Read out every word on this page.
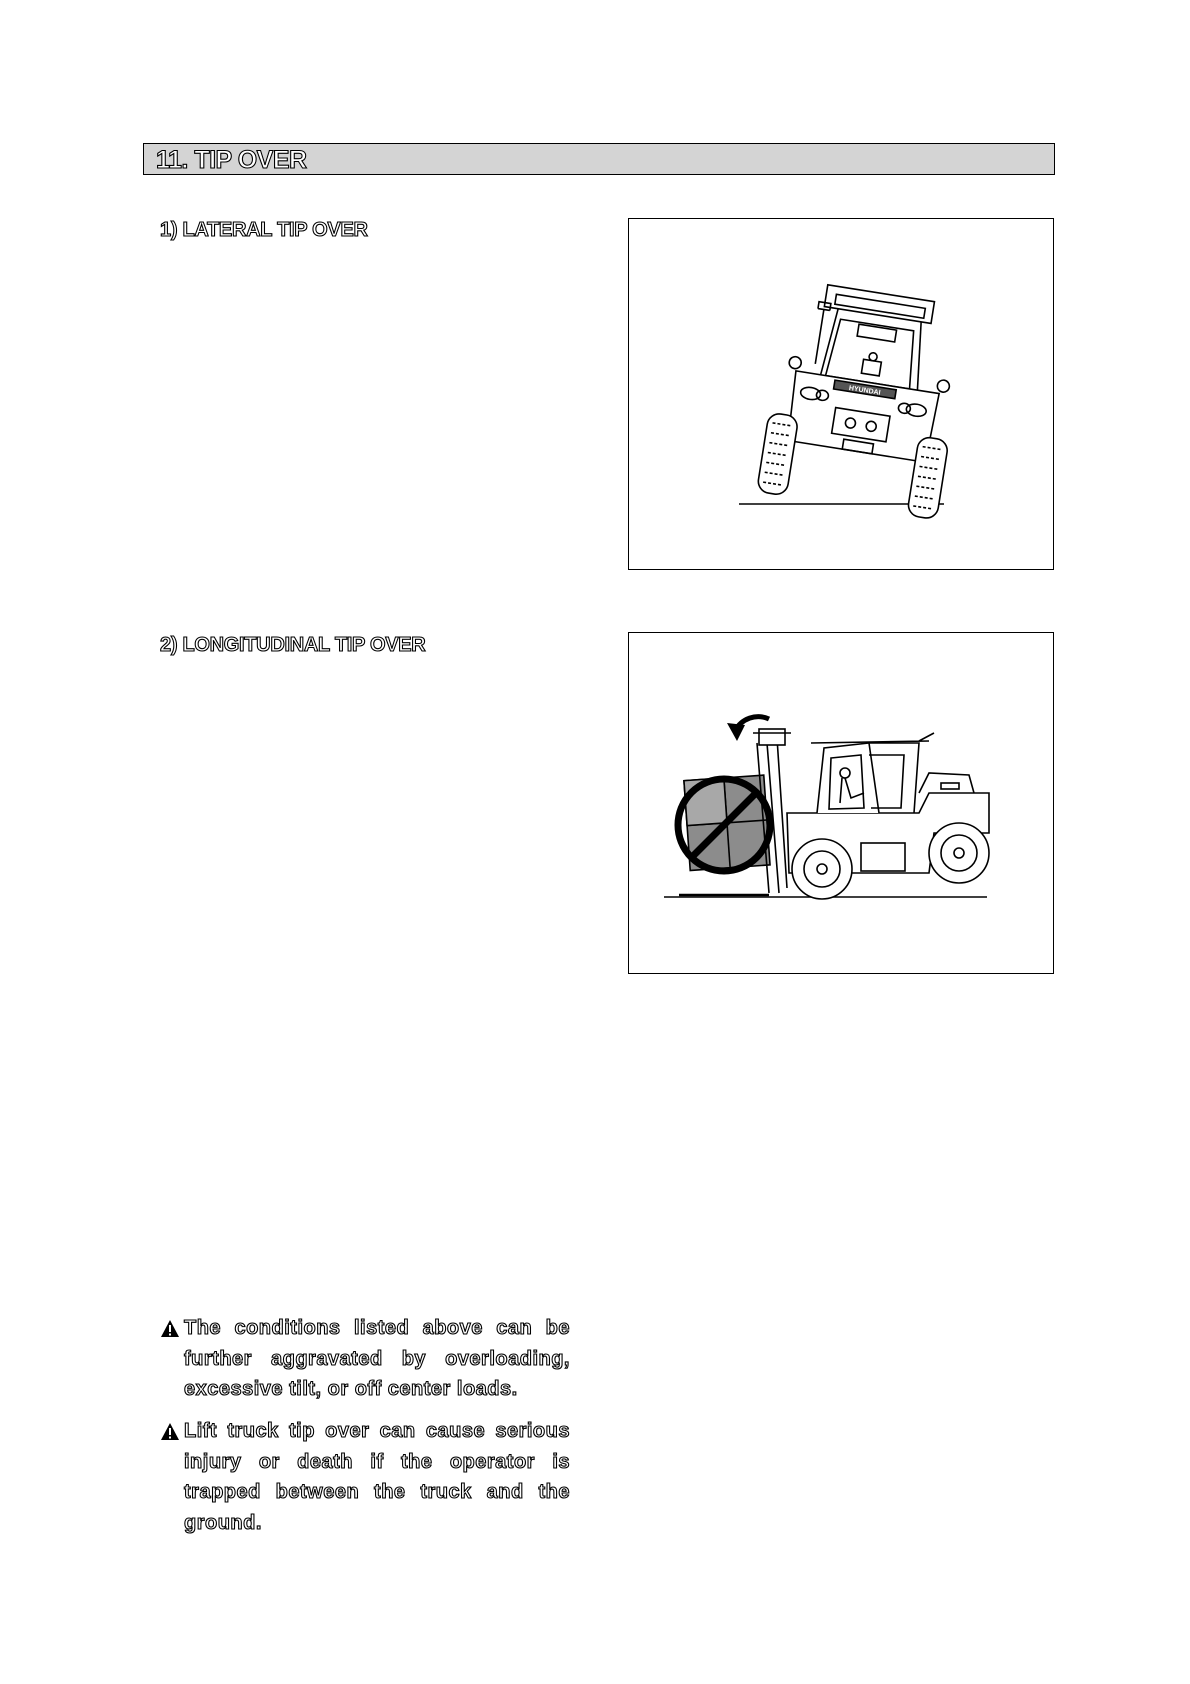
11. TIP OVER
1) LATERAL TIP OVER
2) LONGITUDINAL TIP OVER
HYUNDAI
The conditions listed above can be further aggravated by overloading, excessive tilt, or off center loads.
Lift truck tip over can cause serious injury or death if the operator is trapped between the truck and the ground.
